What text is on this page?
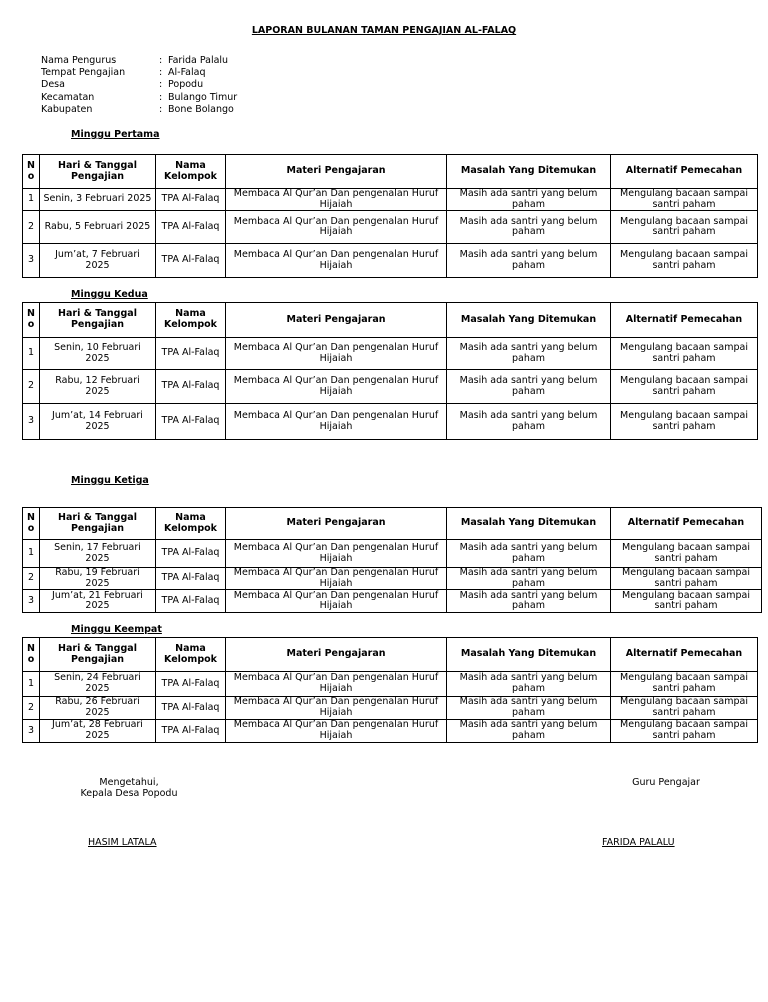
LAPORAN BULANAN TAMAN PENGAJIAN AL-FALAQ
Nama Pengurus	: Farida Palalu
Tempat Pengajian	: Al-Falaq
Desa	: Popodu
Kecamatan	: Bulango Timur
Kabupaten	: Bone Bolango
Minggu Pertama
N o	Hari & Tanggal Pengajian	Nama Kelompok	Materi Pengajaran	Masalah Yang Ditemukan	Alternatif Pemecahan
1	Senin, 3 Februari 2025	TPA Al-Falaq	Membaca Al Qur’an Dan pengenalan Huruf Hijaiah	Masih ada santri yang belum paham	Mengulang bacaan sampai santri paham
2	Rabu, 5 Februari 2025	TPA Al-Falaq	Membaca Al Qur’an Dan pengenalan Huruf Hijaiah	Masih ada santri yang belum paham	Mengulang bacaan sampai santri paham
3	Jum’at, 7 Februari 2025	TPA Al-Falaq	Membaca Al Qur’an Dan pengenalan Huruf Hijaiah	Masih ada santri yang belum paham	Mengulang bacaan sampai santri paham
Minggu Kedua
N o	Hari & Tanggal Pengajian	Nama Kelompok	Materi Pengajaran	Masalah Yang Ditemukan	Alternatif Pemecahan
1	Senin, 10 Februari 2025	TPA Al-Falaq	Membaca Al Qur’an Dan pengenalan Huruf Hijaiah	Masih ada santri yang belum paham	Mengulang bacaan sampai santri paham
2	Rabu, 12 Februari 2025	TPA Al-Falaq	Membaca Al Qur’an Dan pengenalan Huruf Hijaiah	Masih ada santri yang belum paham	Mengulang bacaan sampai santri paham
3	Jum’at, 14 Februari 2025	TPA Al-Falaq	Membaca Al Qur’an Dan pengenalan Huruf Hijaiah	Masih ada santri yang belum paham	Mengulang bacaan sampai santri paham
Minggu Ketiga
N o	Hari & Tanggal Pengajian	Nama Kelompok	Materi Pengajaran	Masalah Yang Ditemukan	Alternatif Pemecahan
1	Senin, 17 Februari 2025	TPA Al-Falaq	Membaca Al Qur’an Dan pengenalan Huruf Hijaiah	Masih ada santri yang belum paham	Mengulang bacaan sampai santri paham
2	Rabu, 19 Februari 2025	TPA Al-Falaq	Membaca Al Qur’an Dan pengenalan Huruf Hijaiah	Masih ada santri yang belum paham	Mengulang bacaan sampai santri paham
3	Jum’at, 21 Februari 2025	TPA Al-Falaq	Membaca Al Qur’an Dan pengenalan Huruf Hijaiah	Masih ada santri yang belum paham	Mengulang bacaan sampai santri paham
Minggu Keempat
N o	Hari & Tanggal Pengajian	Nama Kelompok	Materi Pengajaran	Masalah Yang Ditemukan	Alternatif Pemecahan
1	Senin, 24 Februari 2025	TPA Al-Falaq	Membaca Al Qur’an Dan pengenalan Huruf Hijaiah	Masih ada santri yang belum paham	Mengulang bacaan sampai santri paham
2	Rabu, 26 Februari 2025	TPA Al-Falaq	Membaca Al Qur’an Dan pengenalan Huruf Hijaiah	Masih ada santri yang belum paham	Mengulang bacaan sampai santri paham
3	Jum’at, 28 Februari 2025	TPA Al-Falaq	Membaca Al Qur’an Dan pengenalan Huruf Hijaiah	Masih ada santri yang belum paham	Mengulang bacaan sampai santri paham
Mengetahui,
Kepala Desa Popodu
HASIM LATALA
Guru Pengajar
FARIDA PALALU
